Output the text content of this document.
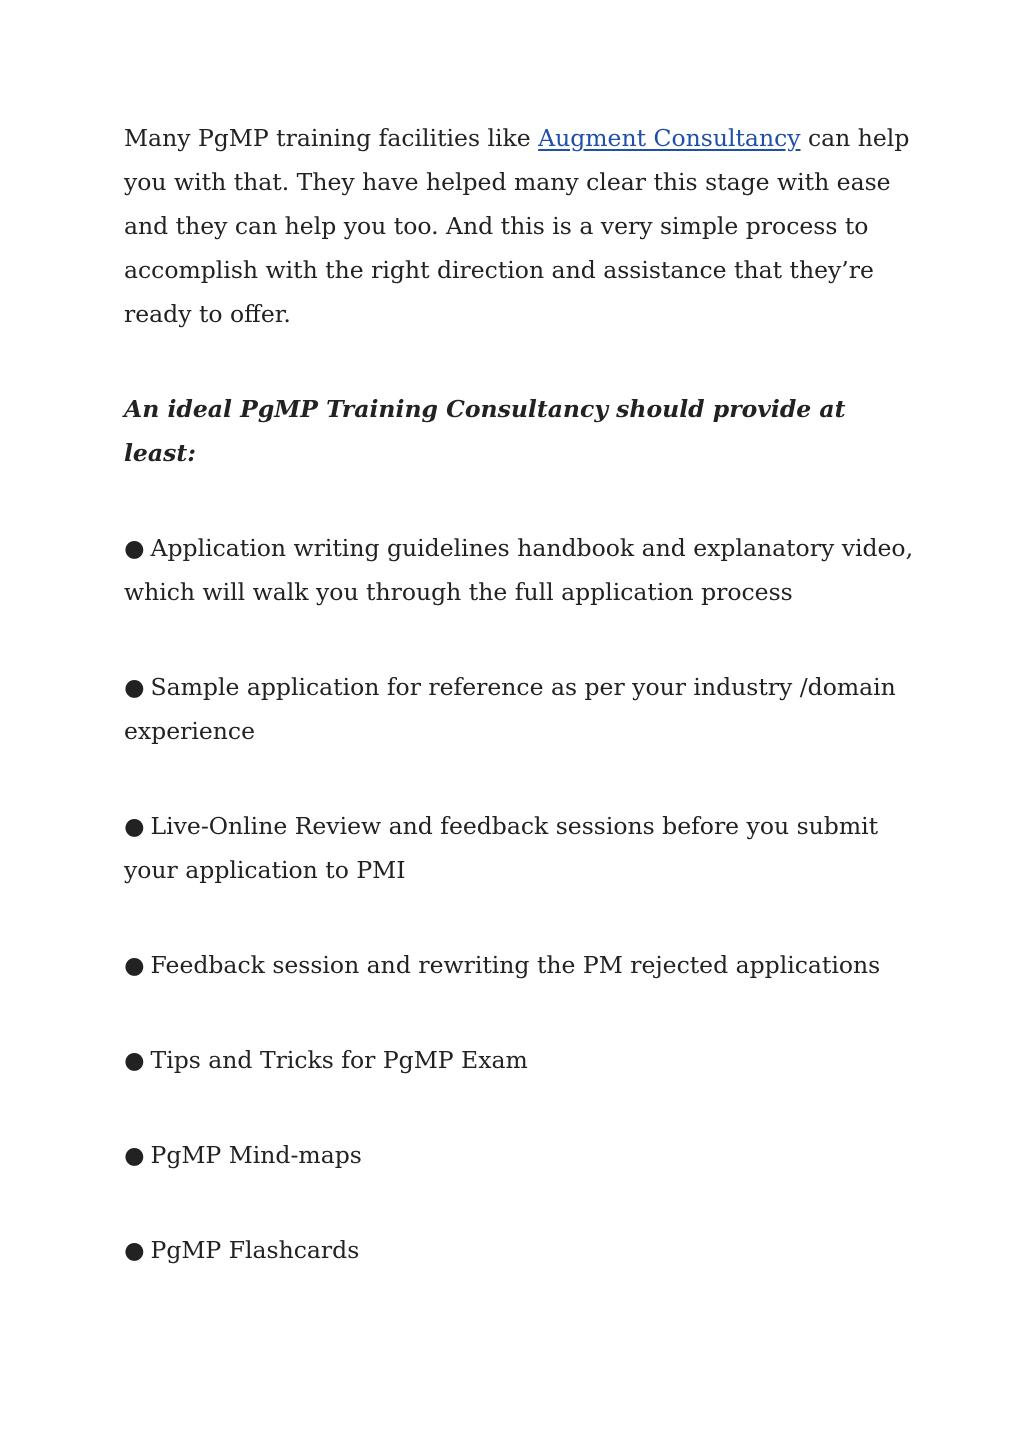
Many PgMP training facilities like Augment Consultancy can help you with that. They have helped many clear this stage with ease and they can help you too. And this is a very simple process to accomplish with the right direction and assistance that they’re ready to offer.

An ideal PgMP Training Consultancy should provide at least:

● Application writing guidelines handbook and explanatory video, which will walk you through the full application process
● Sample application for reference as per your industry /domain experience
● Live-Online Review and feedback sessions before you submit your application to PMI
● Feedback session and rewriting the PM rejected applications
● Tips and Tricks for PgMP Exam
● PgMP Mind-maps
● PgMP Flashcards
